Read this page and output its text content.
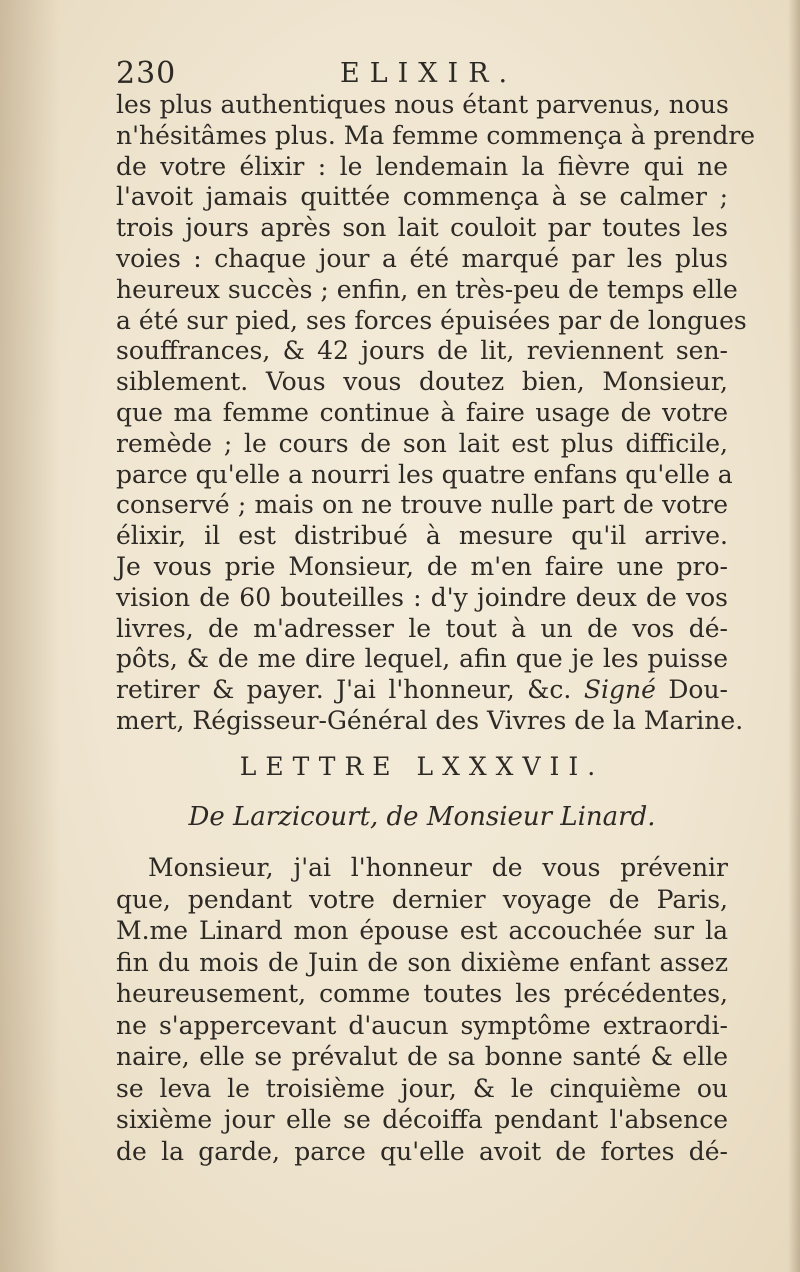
230	ELIXIR.
les plus authentiques nous étant parvenus, nous
n'hésitâmes plus. Ma femme commença à prendre
de votre élixir : le lendemain la fièvre qui ne
l'avoit jamais quittée commença à se calmer ;
trois jours après son lait couloit par toutes les
voies : chaque jour a été marqué par les plus
heureux succès ; enfin, en très-peu de temps elle
a été sur pied, ses forces épuisées par de longues
souffrances, & 42 jours de lit, reviennent sen-
siblement. Vous vous doutez bien, Monsieur,
que ma femme continue à faire usage de votre
remède ; le cours de son lait est plus difficile,
parce qu'elle a nourri les quatre enfans qu'elle a
conservé ; mais on ne trouve nulle part de votre
élixir, il est distribué à mesure qu'il arrive.
Je vous prie Monsieur, de m'en faire une pro-
vision de 60 bouteilles : d'y joindre deux de vos
livres, de m'adresser le tout à un de vos dé-
pôts, & de me dire lequel, afin que je les puisse
retirer & payer. J'ai l'honneur, &c. Signé Dou-
mert, Régisseur-Général des Vivres de la Marine.
LETTRE LXXXVII.
De Larzicourt, de Monsieur Linard.
Monsieur, j'ai l'honneur de vous prévenir
que, pendant votre dernier voyage de Paris,
M.me Linard mon épouse est accouchée sur la
fin du mois de Juin de son dixième enfant assez
heureusement, comme toutes les précédentes,
ne s'appercevant d'aucun symptôme extraordi-
naire, elle se prévalut de sa bonne santé & elle
se leva le troisième jour, & le cinquième ou
sixième jour elle se décoiffa pendant l'absence
de la garde, parce qu'elle avoit de fortes dé-
